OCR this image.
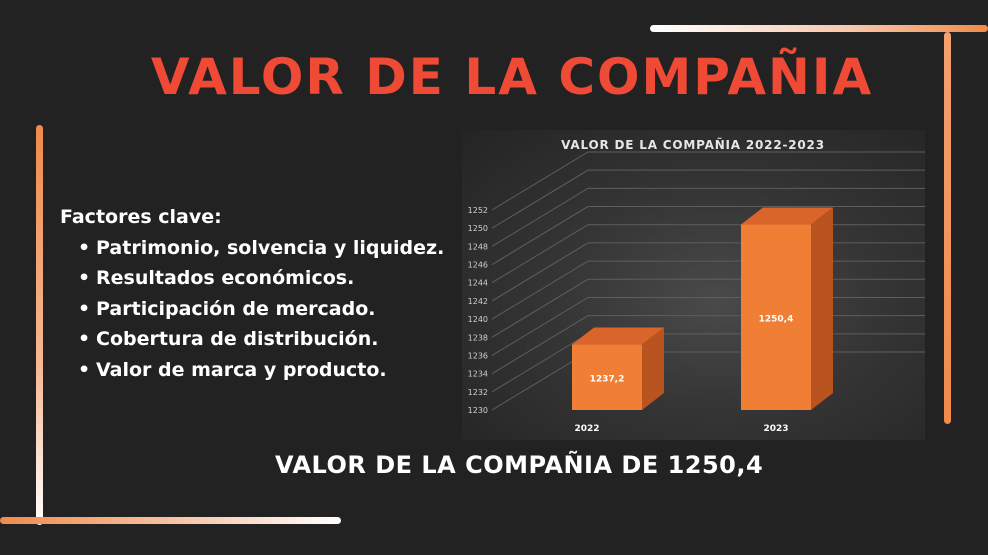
VALOR DE LA COMPAÑIA
Factores clave:
• Patrimonio, solvencia y liquidez.
• Resultados económicos.
• Participación de mercado.
• Cobertura de distribución.
• Valor de marca y producto.
VALOR DE LA COMPAÑIA 2022-2023
1230
1232
1234
1236
1238
1240
1242
1244
1246
1248
1250
1252
1237,2
2022
1250,4
2023
VALOR DE LA COMPAÑIA DE 1250,4
